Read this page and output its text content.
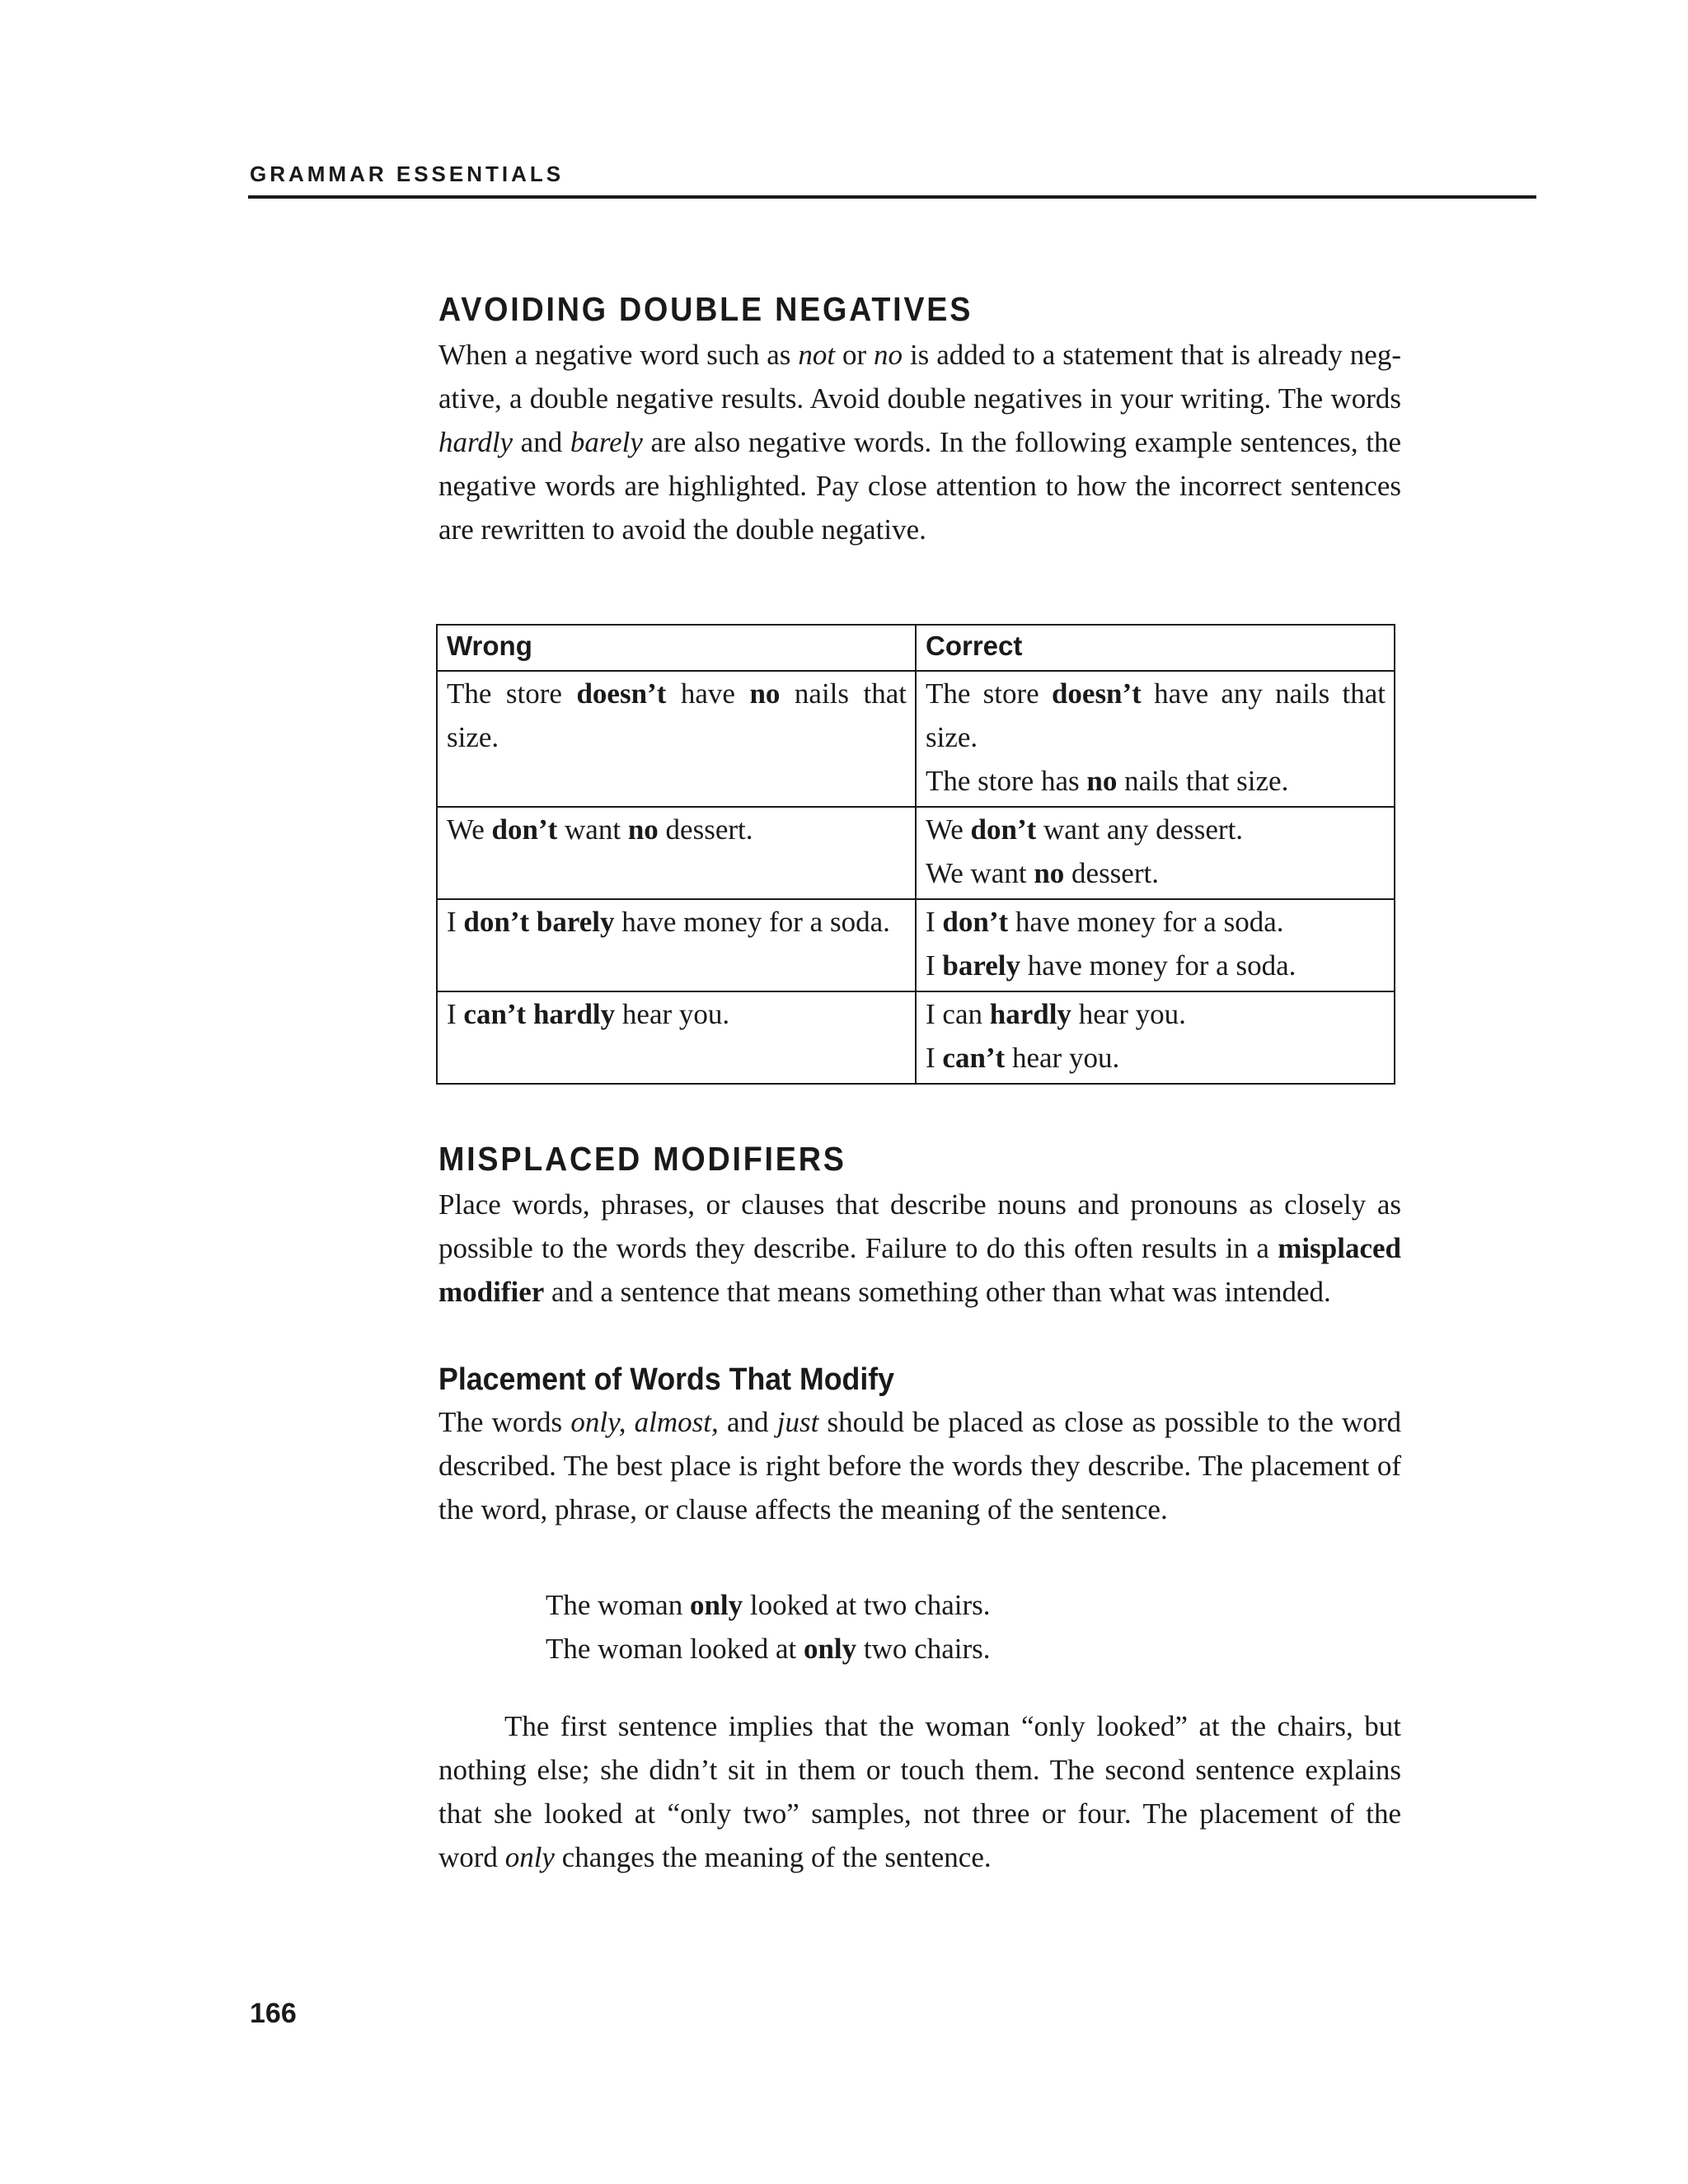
GRAMMAR ESSENTIALS
AVOIDING DOUBLE NEGATIVES

When a negative word such as not or no is added to a statement that is already negative, a double negative results. Avoid double negatives in your writing. The words hardly and barely are also negative words. In the following example sentences, the negative words are highlighted. Pay close attention to how the incorrect sentences are rewritten to avoid the double negative.

Wrong	Correct

The store doesn’t have no nails that size.	The store doesn’t have any nails that size.
The store has no nails that size.

We don’t want no dessert.	We don’t want any dessert.
We want no dessert.

I don’t barely have money for a soda.	I don’t have money for a soda.
I barely have money for a soda.

I can’t hardly hear you.	I can hardly hear you.
I can’t hear you.
MISPLACED MODIFIERS

Place words, phrases, or clauses that describe nouns and pronouns as closely as possible to the words they describe. Failure to do this often results in a misplaced modifier and a sentence that means something other than what was intended.

Placement of Words That Modify

The words only, almost, and just should be placed as close as possible to the word described. The best place is right before the words they describe. The placement of the word, phrase, or clause affects the meaning of the sentence.

The woman only looked at two chairs.
The woman looked at only two chairs.

The first sentence implies that the woman “only looked” at the chairs, but nothing else; she didn’t sit in them or touch them. The second sentence explains that she looked at “only two” samples, not three or four. The placement of the word only changes the meaning of the sentence.

166
